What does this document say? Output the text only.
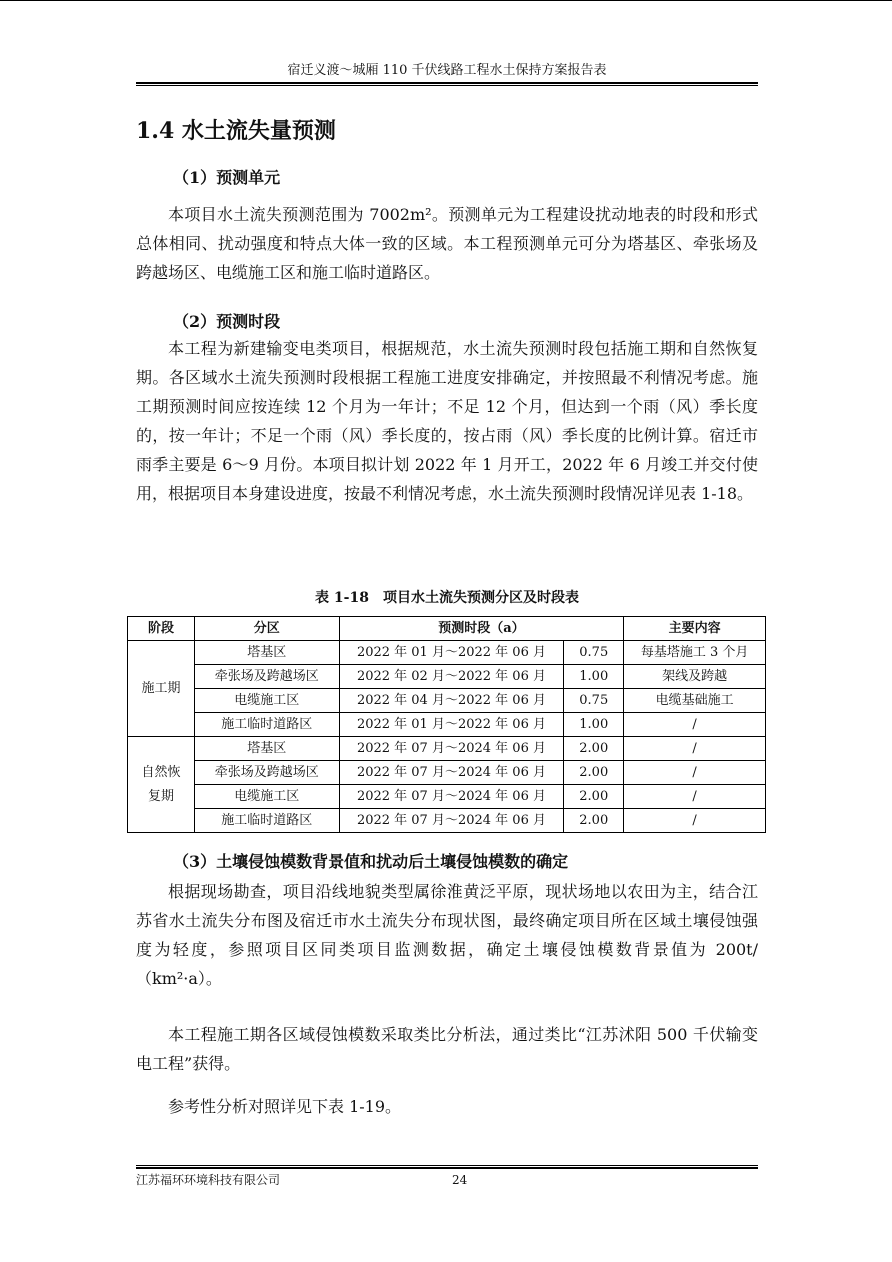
宿迁义渡～城厢 110 千伏线路工程水土保持方案报告表
1.4 水土流失量预测
（1）预测单元

本项目水土流失预测范围为 7002m²。预测单元为工程建设扰动地表的时段和形式总体相同、扰动强度和特点大体一致的区域。本工程预测单元可分为塔基区、牵张场及跨越场区、电缆施工区和施工临时道路区。

（2）预测时段

本工程为新建输变电类项目，根据规范，水土流失预测时段包括施工期和自然恢复期。各区域水土流失预测时段根据工程施工进度安排确定，并按照最不利情况考虑。施工期预测时间应按连续 12 个月为一年计；不足 12 个月，但达到一个雨（风）季长度的，按一年计；不足一个雨（风）季长度的，按占雨（风）季长度的比例计算。宿迁市雨季主要是 6～9 月份。本项目拟计划 2022 年 1 月开工，2022 年 6 月竣工并交付使用，根据项目本身建设进度，按最不利情况考虑，水土流失预测时段情况详见表 1-18。

表 1-18　项目水土流失预测分区及时段表
阶段	分区	预测时段（a）		主要内容
施工期	塔基区	2022 年 01 月～2022 年 06 月	0.75	每基塔施工 3 个月
	牵张场及跨越场区	2022 年 02 月～2022 年 06 月	1.00	架线及跨越
	电缆施工区	2022 年 04 月～2022 年 06 月	0.75	电缆基础施工
	施工临时道路区	2022 年 01 月～2022 年 06 月	1.00	/
自然恢复期	塔基区	2022 年 07 月～2024 年 06 月	2.00	/
	牵张场及跨越场区	2022 年 07 月～2024 年 06 月	2.00	/
	电缆施工区	2022 年 07 月～2024 年 06 月	2.00	/
	施工临时道路区	2022 年 07 月～2024 年 06 月	2.00	/
（3）土壤侵蚀模数背景值和扰动后土壤侵蚀模数的确定

根据现场勘查，项目沿线地貌类型属徐淮黄泛平原，现状场地以农田为主，结合江苏省水土流失分布图及宿迁市水土流失分布现状图，最终确定项目所在区域土壤侵蚀强度为轻度，参照项目区同类项目监测数据，确定土壤侵蚀模数背景值为 200t/（km²·a）。

本工程施工期各区域侵蚀模数采取类比分析法，通过类比“江苏沭阳 500 千伏输变电工程”获得。

参考性分析对照详见下表 1-19。

江苏福环环境科技有限公司	24
